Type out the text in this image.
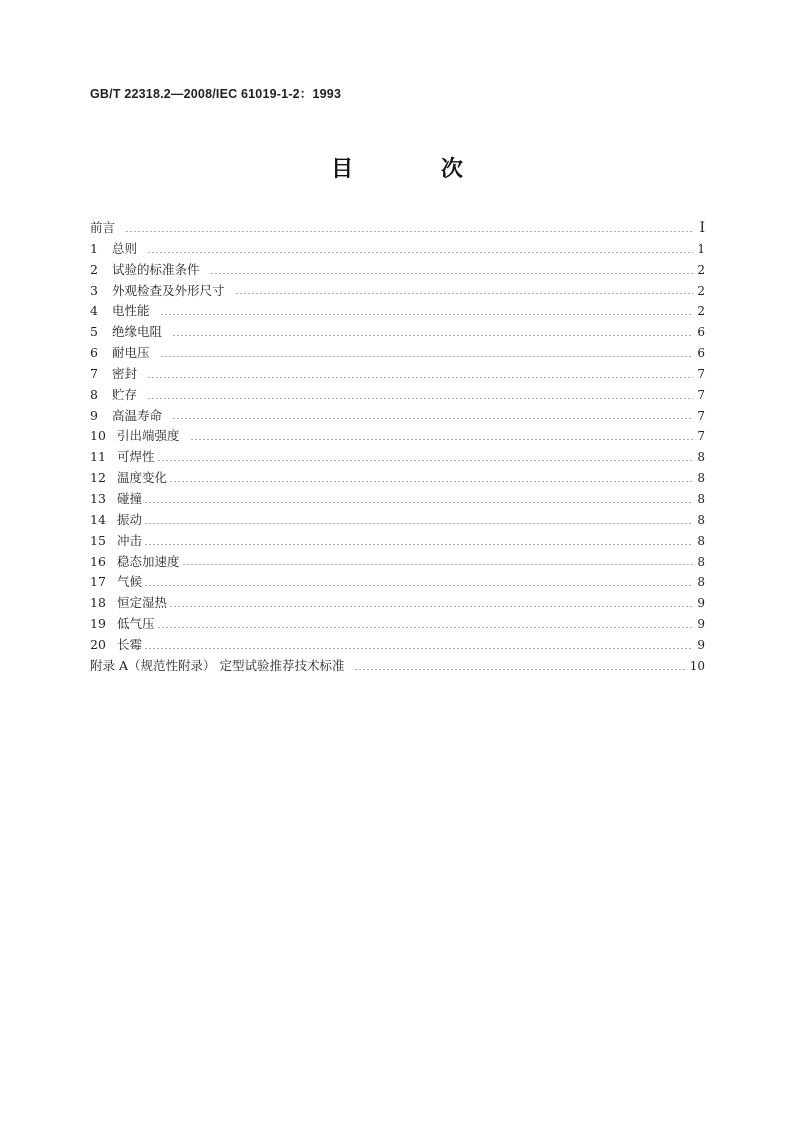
GB/T 22318.2—2008/IEC 61019-1-2：1993
目 次
前言	I
1	总则	1
2	试验的标准条件	2
3	外观检查及外形尺寸	2
4	电性能	2
5	绝缘电阻	6
6	耐电压	6
7	密封	7
8	贮存	7
9	高温寿命	7
10 引出端强度	7
11 可焊性	8
12 温度变化	8
13 碰撞	8
14 振动	8
15 冲击	8
16 稳态加速度	8
17 气候	8
18 恒定湿热	9
19 低气压	9
20 长霉	9
附录 A（规范性附录） 定型试验推荐技术标准	10
